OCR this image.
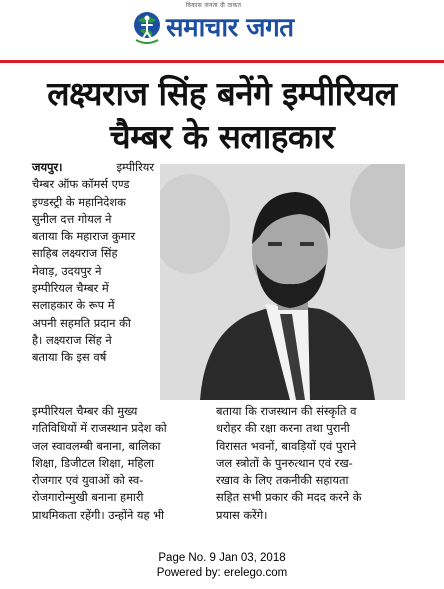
विकास जनता दी ताकत
समाचार जगत
लक्ष्यराज सिंह बनेंगे इम्पीरियल
चैम्बर के सलाहकार
जयपुर।	इम्पीरियर
चैम्बर ऑफ कॉमर्स एण्ड
इण्डस्ट्री के महानिदेशक
सुनील दत्त गोयल ने
बताया कि महाराज कुमार
साहिब लक्ष्यराज सिंह
मेवाड़, उदयपुर ने
इम्पीरियल चैम्बर में
सलाहकार के रूप में
अपनी सहमति प्रदान की
है। लक्ष्यराज सिंह ने
बताया कि इस वर्ष
इम्पीरियल चैम्बर की मुख्य
गतिविधियों में राजस्थान प्रदेश को
जल स्वावलम्बी बनाना, बालिका
शिक्षा, डिजीटल शिक्षा, महिला
रोजगार एवं युवाओं को स्व-
रोजगारोन्मुखी बनाना हमारी
प्राथमिकता रहेंगी। उन्होंने यह भी
बताया कि राजस्थान की संस्कृति व
धरोहर की रक्षा करना तथा पुरानी
विरासत भवनों, बावड़ियों एवं पुराने
जल स्त्रोतों के पुनरुत्थान एवं रख-
रखाव के लिए तकनीकी सहायता
सहित सभी प्रकार की मदद करने के
प्रयास करेंगे।
Page No. 9 Jan 03, 2018
Powered by: erelego.com
